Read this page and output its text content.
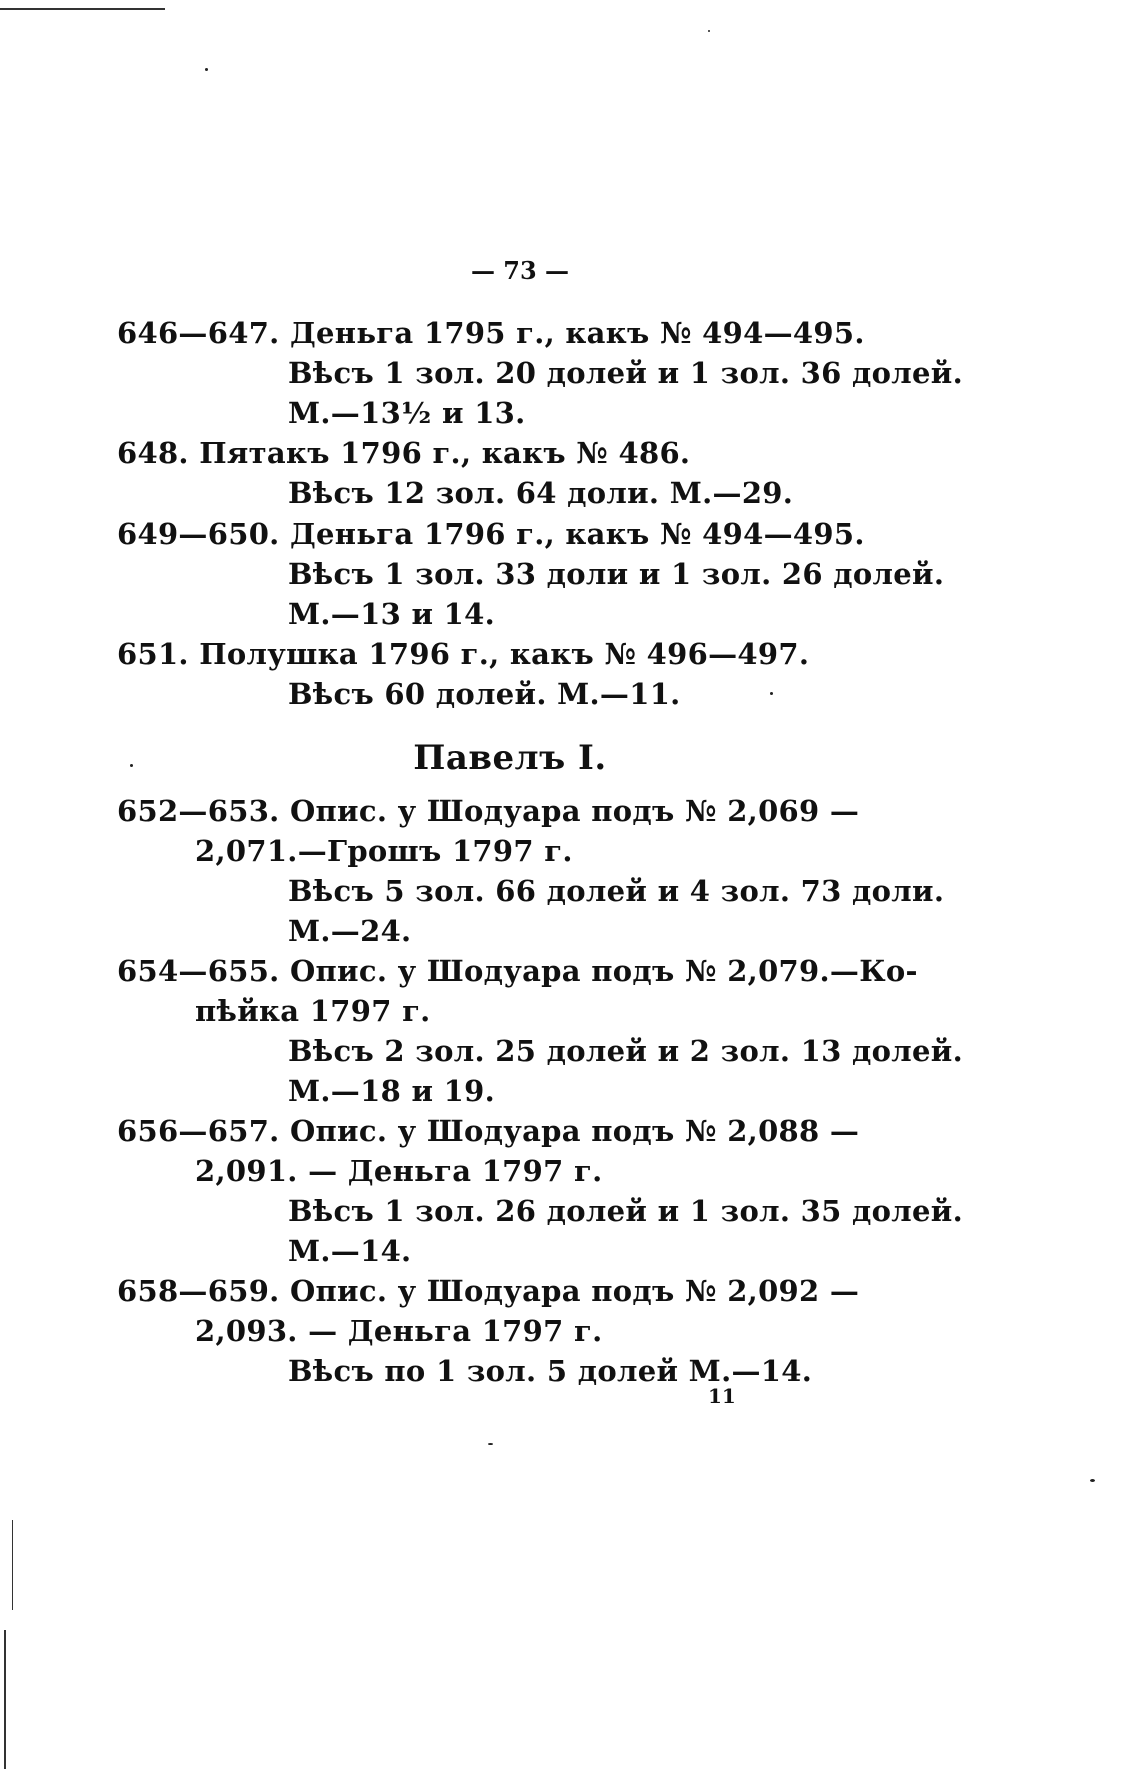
— 73 —
646—647. Деньга 1795 г., какъ № 494—495.
Вѣсъ 1 зол. 20 долей и 1 зол. 36 долей.
М.—13½ и 13.
648. Пятакъ 1796 г., какъ № 486.
Вѣсъ 12 зол. 64 доли. М.—29.
649—650. Деньга 1796 г., какъ № 494—495.
Вѣсъ 1 зол. 33 доли и 1 зол. 26 долей.
М.—13 и 14.
651. Полушка 1796 г., какъ № 496—497.
Вѣсъ 60 долей. М.—11.
Павелъ I.
652—653. Опис. у Шодуара подъ № 2,069 —
2,071.—Грошъ 1797 г.
Вѣсъ 5 зол. 66 долей и 4 зол. 73 доли.
М.—24.
654—655. Опис. у Шодуара подъ № 2,079.—Ко-
пѣйка 1797 г.
Вѣсъ 2 зол. 25 долей и 2 зол. 13 долей.
М.—18 и 19.
656—657. Опис. у Шодуара подъ № 2,088 —
2,091. — Деньга 1797 г.
Вѣсъ 1 зол. 26 долей и 1 зол. 35 долей.
М.—14.
658—659. Опис. у Шодуара подъ № 2,092 —
2,093. — Деньга 1797 г.
Вѣсъ по 1 зол. 5 долей М.—14.
11
